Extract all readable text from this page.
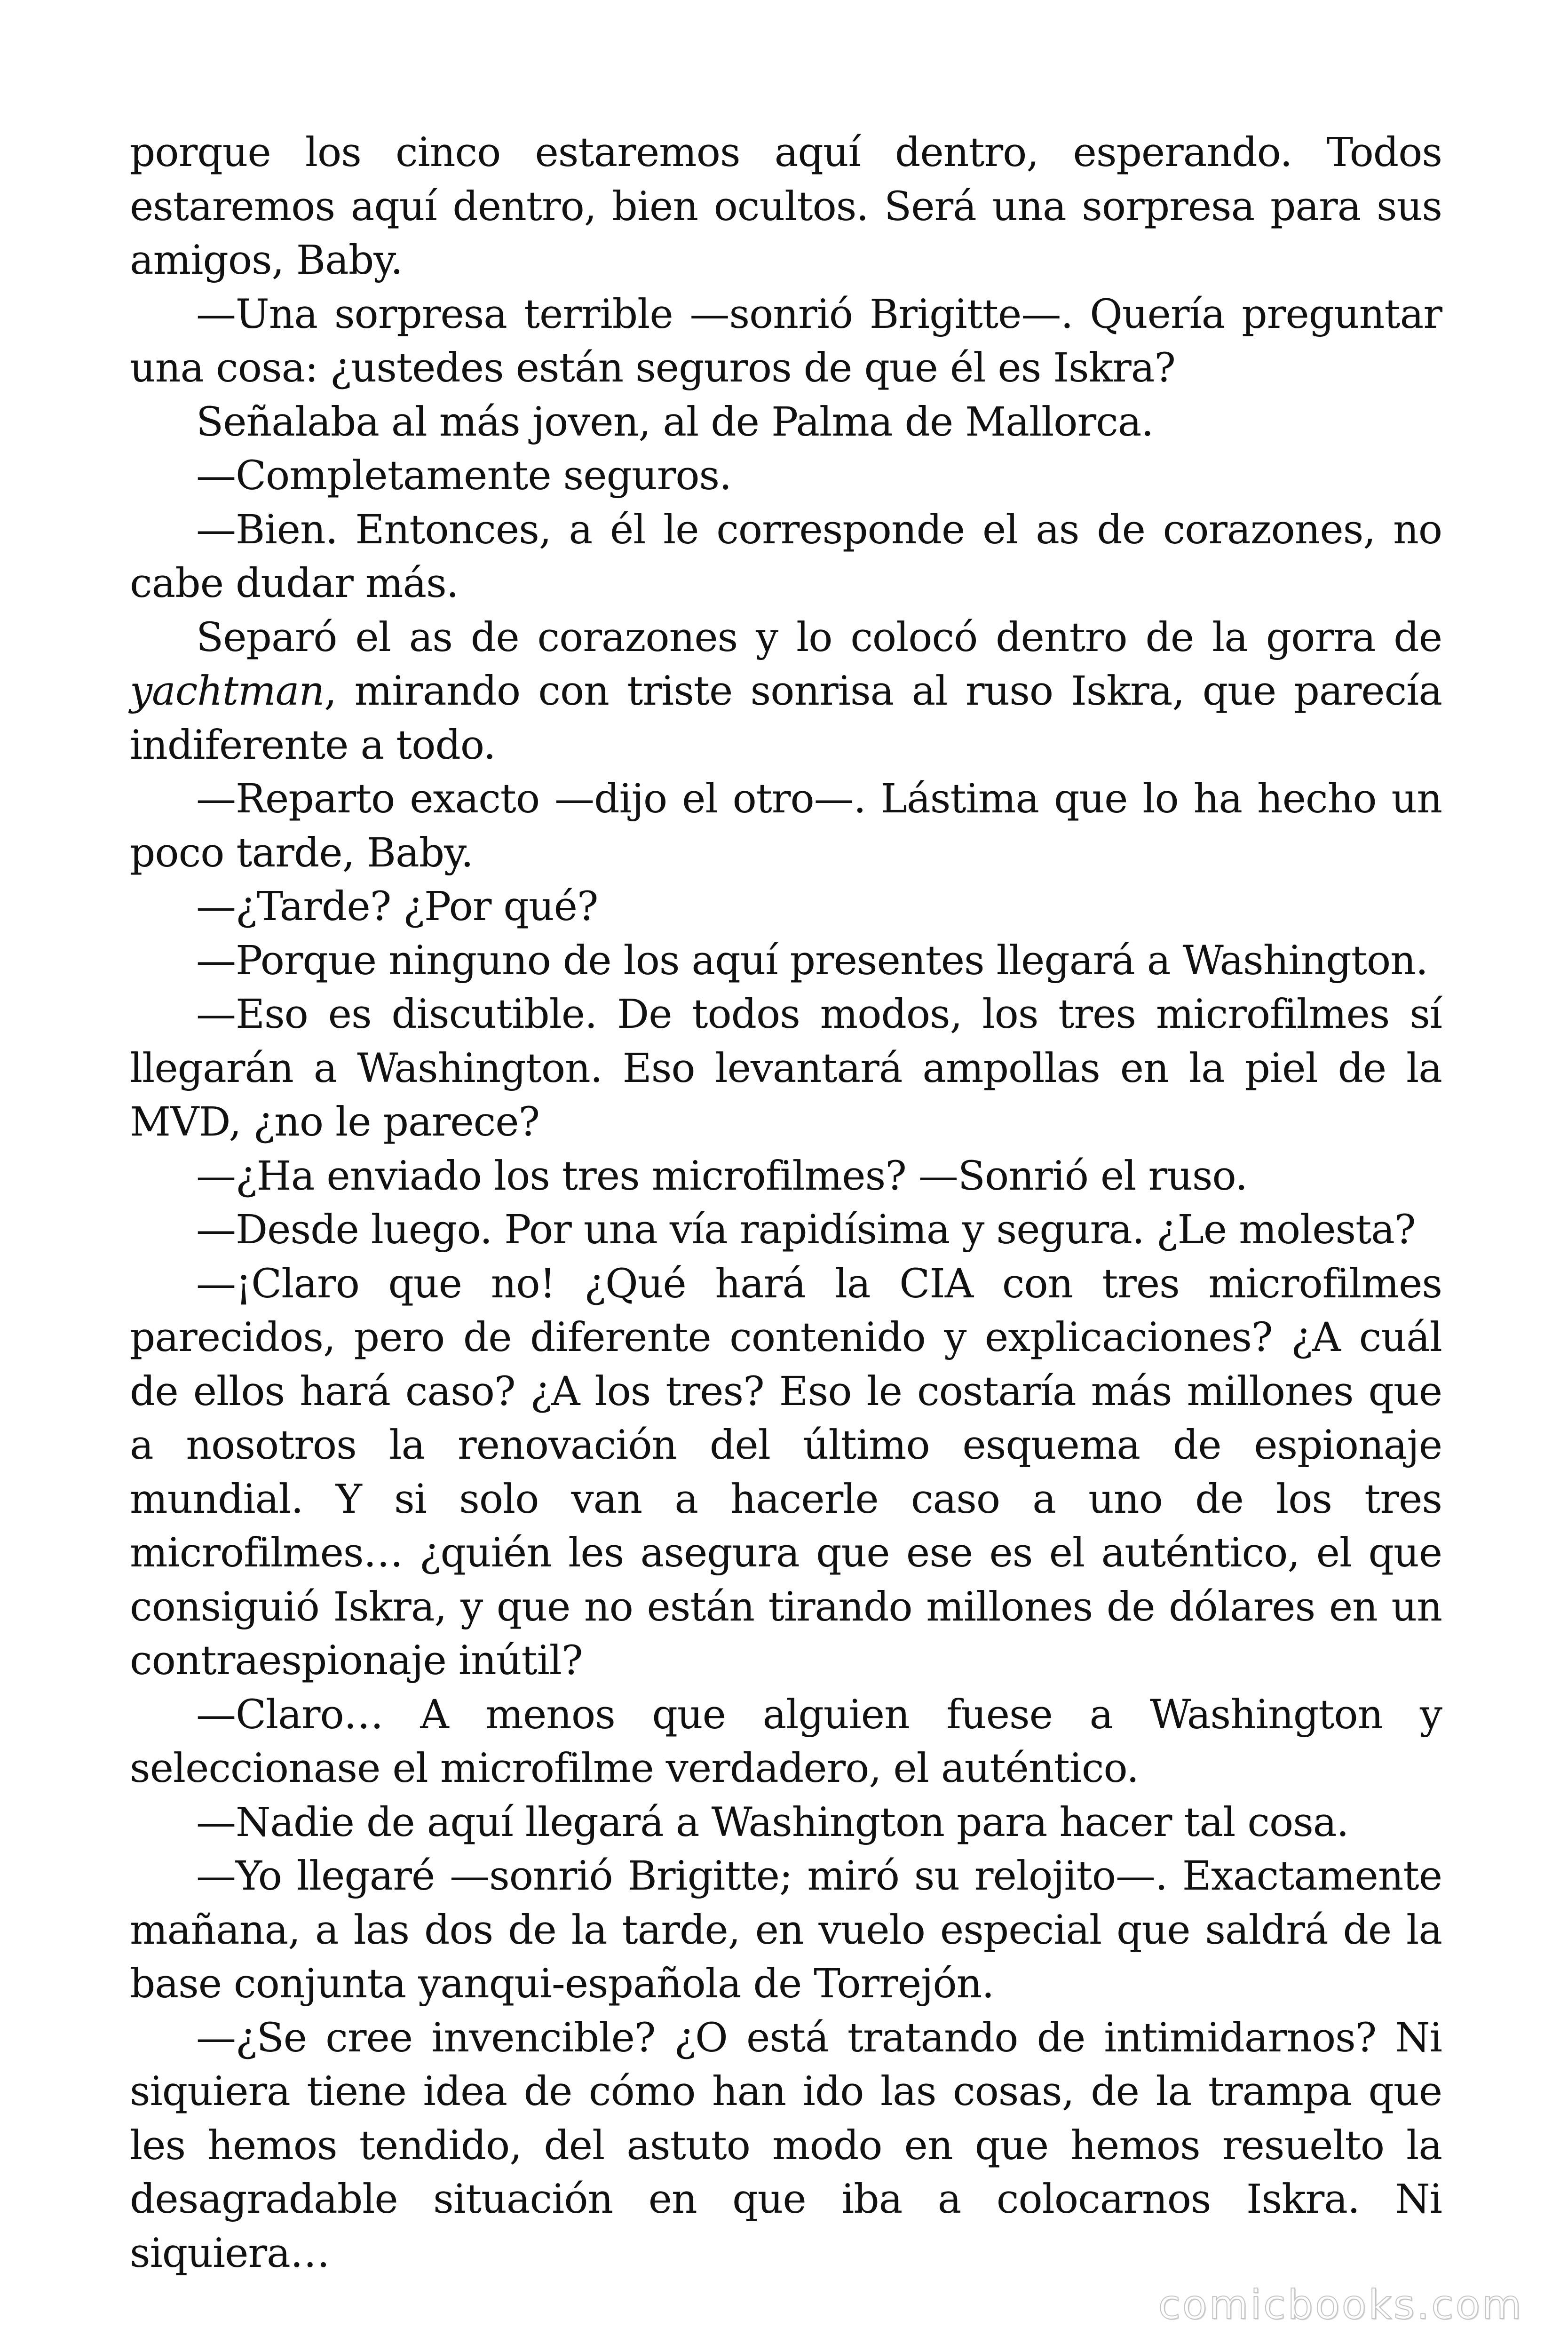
porque los cinco estaremos aquí dentro, esperando. Todos estaremos aquí dentro, bien ocultos. Será una sorpresa para sus amigos, Baby.

—Una sorpresa terrible —sonrió Brigitte—. Quería preguntar una cosa: ¿ustedes están seguros de que él es Iskra?

Señalaba al más joven, al de Palma de Mallorca.

—Completamente seguros.

—Bien. Entonces, a él le corresponde el as de corazones, no cabe dudar más.

Separó el as de corazones y lo colocó dentro de la gorra de yachtman, mirando con triste sonrisa al ruso Iskra, que parecía indiferente a todo.

—Reparto exacto —dijo el otro—. Lástima que lo ha hecho un poco tarde, Baby.

—¿Tarde? ¿Por qué?

—Porque ninguno de los aquí presentes llegará a Washington.

—Eso es discutible. De todos modos, los tres microfilmes sí llegarán a Washington. Eso levantará ampollas en la piel de la MVD, ¿no le parece?

—¿Ha enviado los tres microfilmes? —Sonrió el ruso.

—Desde luego. Por una vía rapidísima y segura. ¿Le molesta?

—¡Claro que no! ¿Qué hará la CIA con tres microfilmes parecidos, pero de diferente contenido y explicaciones? ¿A cuál de ellos hará caso? ¿A los tres? Eso le costaría más millones que a nosotros la renovación del último esquema de espionaje mundial. Y si solo van a hacerle caso a uno de los tres microfilmes… ¿quién les asegura que ese es el auténtico, el que consiguió Iskra, y que no están tirando millones de dólares en un contraespionaje inútil?

—Claro… A menos que alguien fuese a Washington y seleccionase el microfilme verdadero, el auténtico.

—Nadie de aquí llegará a Washington para hacer tal cosa.

—Yo llegaré —sonrió Brigitte; miró su relojito—. Exactamente mañana, a las dos de la tarde, en vuelo especial que saldrá de la base conjunta yanqui-española de Torrejón.

—¿Se cree invencible? ¿O está tratando de intimidarnos? Ni siquiera tiene idea de cómo han ido las cosas, de la trampa que les hemos tendido, del astuto modo en que hemos resuelto la desagradable situación en que iba a colocarnos Iskra. Ni siquiera…

comicbooks.com
